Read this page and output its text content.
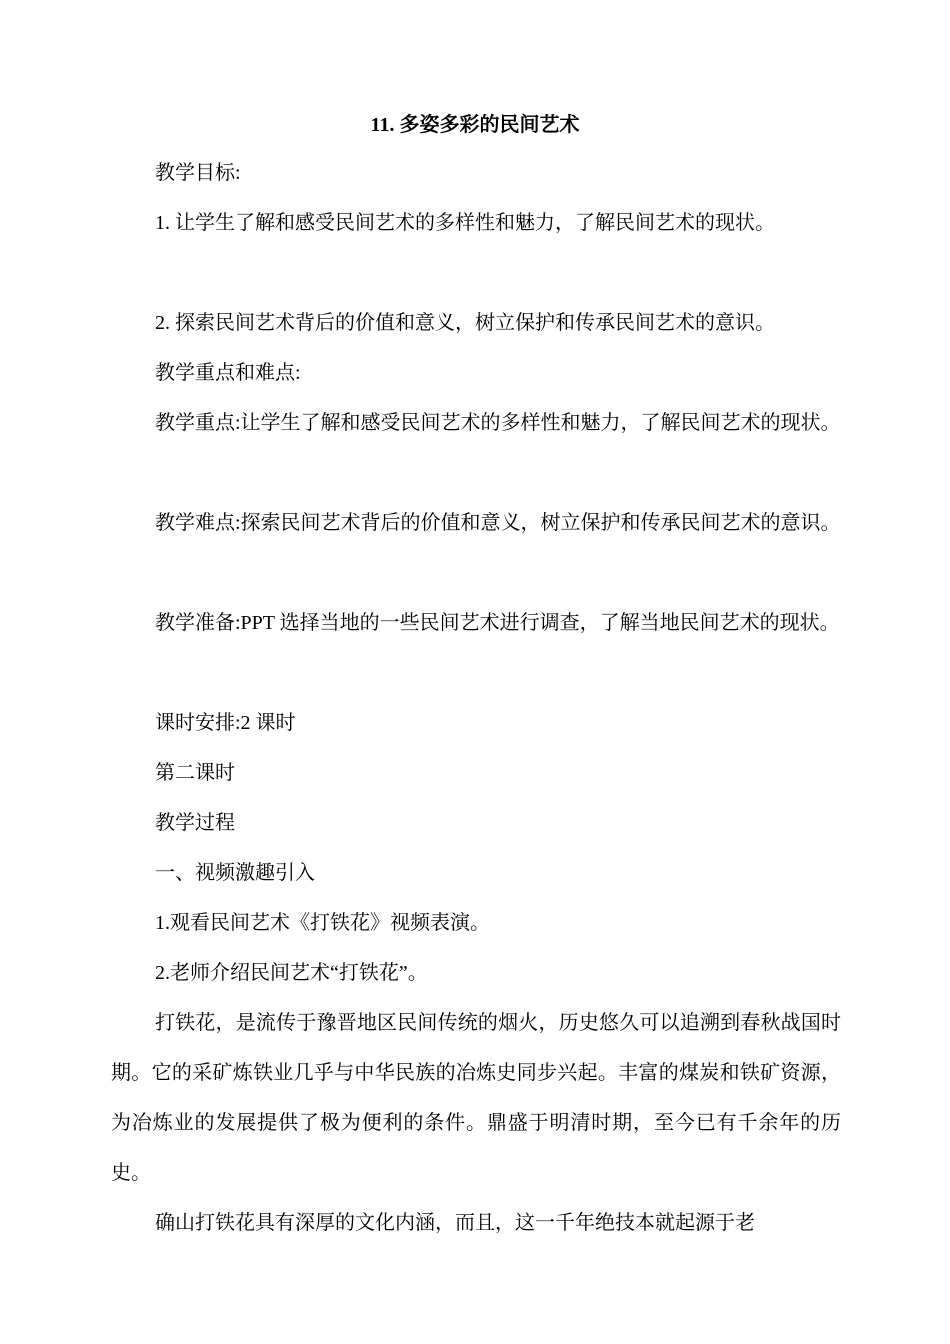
11. 多姿多彩的民间艺术

教学目标:

1. 让学生了解和感受民间艺术的多样性和魅力，了解民间艺术的现状。

2. 探索民间艺术背后的价值和意义，树立保护和传承民间艺术的意识。

教学重点和难点:

教学重点:让学生了解和感受民间艺术的多样性和魅力，了解民间艺术的现状。

教学难点:探索民间艺术背后的价值和意义，树立保护和传承民间艺术的意识。

教学准备:PPT 选择当地的一些民间艺术进行调查，了解当地民间艺术的现状。

课时安排:2 课时

第二课时

教学过程

一、视频激趣引入

1.观看民间艺术《打铁花》视频表演。

2.老师介绍民间艺术“打铁花”。

打铁花，是流传于豫晋地区民间传统的烟火，历史悠久可以追溯到春秋战国时期。它的采矿炼铁业几乎与中华民族的冶炼史同步兴起。丰富的煤炭和铁矿资源，为冶炼业的发展提供了极为便利的条件。鼎盛于明清时期，至今已有千余年的历史。

确山打铁花具有深厚的文化内涵，而且，这一千年绝技本就起源于老
